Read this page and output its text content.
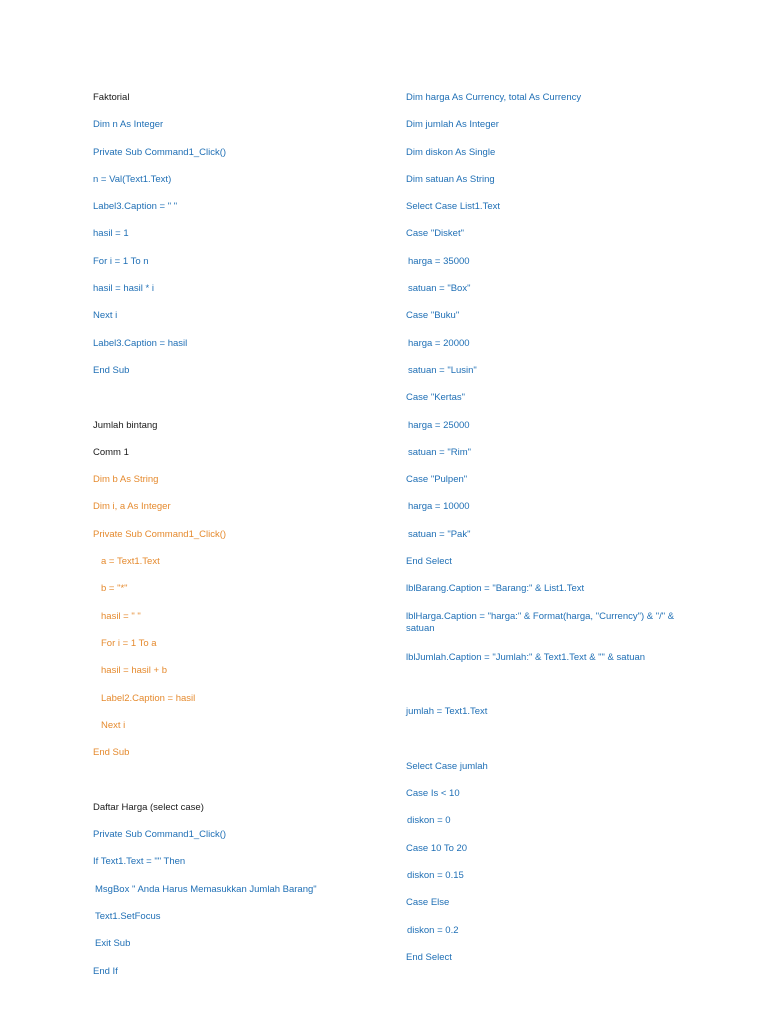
Faktorial
Dim n As Integer
Private Sub Command1_Click()
n = Val(Text1.Text)
Label3.Caption = " "
hasil = 1
For i = 1 To n
hasil = hasil * i
Next i
Label3.Caption = hasil
End Sub
Jumlah bintang
Comm 1
Dim b As String
Dim i, a As Integer
Private Sub Command1_Click()
a = Text1.Text
b = "*"
hasil = " "
For i = 1 To a
hasil = hasil + b
Label2.Caption = hasil
Next i
End Sub
Daftar Harga (select case)
Private Sub Command1_Click()
If Text1.Text = "" Then
MsgBox " Anda Harus Memasukkan Jumlah Barang"
Text1.SetFocus
Exit Sub
End If
Dim harga As Currency, total As Currency
Dim jumlah As Integer
Dim diskon As Single
Dim satuan As String
Select Case List1.Text
Case "Disket"
harga = 35000
satuan = "Box"
Case "Buku"
harga = 20000
satuan = "Lusin"
Case "Kertas"
harga = 25000
satuan = "Rim"
Case "Pulpen"
harga = 10000
satuan = "Pak"
End Select
lblBarang.Caption = "Barang:" & List1.Text
lblHarga.Caption = "harga:" & Format(harga, "Currency") & "/" & satuan
lblJumlah.Caption = "Jumlah:" & Text1.Text & "" & satuan
jumlah = Text1.Text
Select Case jumlah
Case Is < 10
diskon = 0
Case 10 To 20
diskon = 0.15
Case Else
diskon = 0.2
End Select
